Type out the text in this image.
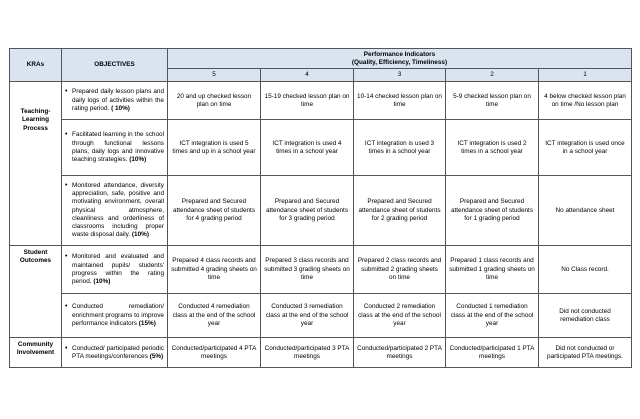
KRAs	OBJECTIVES	Performance Indicators
(Quality, Efficiency, Timeliness)				
		5	4	3	2	1
Teaching-Learning Process	• Prepared daily lesson plans and daily logs of activities within the rating period. ( 10%)	20 and up checked lesson plan on time	15-19 checked lesson plan on time	10-14 checked lesson plan on time	5-9 checked lesson plan on time	4 below checked lesson plan on time /No lesson plan

	• Facilitated learning in the school through functional lessons plans, daily logs and innovative teaching strategies. (10%)	ICT integration is used 5 times and up in a school year	ICT integration is used 4 times in a school year	ICT integration is used 3 times in a school year	ICT integration is used 2 times in a school year	ICT integration is used once in a school year

	• Monitored attendance, diversity appreciation, safe, positive and motivating environment, overall physical atmosphere, cleanliness and orderliness of classrooms including proper waste disposal daily. (10%)	Prepared and Secured attendance sheet of students for 4 grading period	Prepared and Secured attendance sheet of students for 3 grading period	Prepared and Secured attendance sheet of students for 2 grading period	Prepared and Secured attendance sheet of students for 1 grading period	No attendance sheet
Student Outcomes	• Monitored and evaluated and maintained pupils/ students' progress within the rating period. (10%)	Prepared 4 class records and submitted 4 grading sheets on time	Prepared 3 class records and submitted 3 grading sheets on time	Prepared 2 class records and submitted 2 grading sheets on time	Prepared 1 class records and submitted 1 grading sheets on time	No Class record.

	• Conducted remediation/ enrichment programs to improve performance indicators (15%)	Conducted 4 remediation class at the end of the school year	Conducted 3 remediation class at the end of the school year	Conducted 2 remediation class at the end of the school year	Conducted 1 remediation class at the end of the school year	Did not conducted remediation class
Community Involvement	• Conducted/ participated periodic PTA meetings/conferences (5%)	Conducted/participated 4 PTA meetings	Conducted/participated 3 PTA meetings	Conducted/participated 2 PTA meetings	Conducted/participated 1 PTA meetings	Did not conducted or participated PTA meetings.
